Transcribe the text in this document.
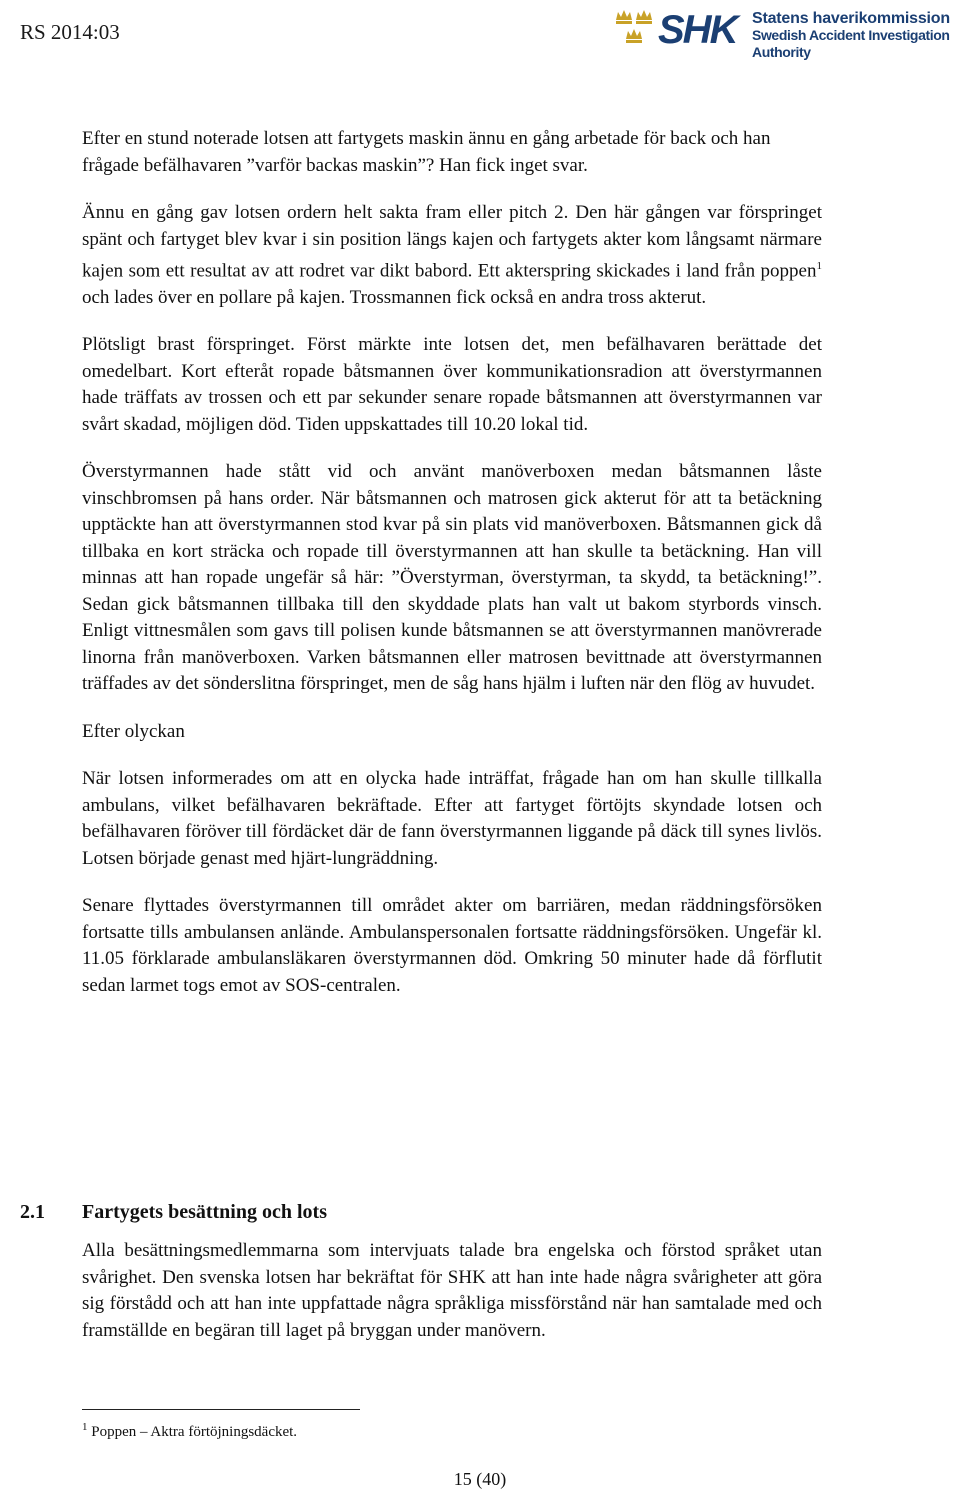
RS 2014:03	SHK Statens haverikommission
Swedish Accident Investigation Authority

Efter en stund noterade lotsen att fartygets maskin ännu en gång arbetade för back och han frågade befälhavaren ”varför backas maskin”? Han fick inget svar.

Ännu en gång gav lotsen ordern helt sakta fram eller pitch 2. Den här gången var förspringet spänt och fartyget blev kvar i sin position längs kajen och fartygets akter kom långsamt närmare kajen som ett resultat av att rodret var dikt babord. Ett akterspring skickades i land från poppen$^1$ och lades över en pollare på kajen. Trossmannen fick också en andra tross akterut.

Plötsligt brast förspringet. Först märkte inte lotsen det, men befälhavaren berättade det omedelbart. Kort efteråt ropade båtsmannen över kommunikationsradion att överstyrmannen hade träffats av trossen och ett par sekunder senare ropade båtsmannen att överstyrmannen var svårt skadad, möjligen död. Tiden uppskattades till 10.20 lokal tid.

Överstyrmannen hade stått vid och använt manöverboxen medan båtsmannen låste vinschbromsen på hans order. När båtsmannen och matrosen gick akterut för att ta betäckning upptäckte han att överstyrmannen stod kvar på sin plats vid manöverboxen. Båtsmannen gick då tillbaka en kort sträcka och ropade till överstyrmannen att han skulle ta betäckning. Han vill minnas att han ropade ungefär så här: ”Överstyrman, överstyrman, ta skydd, ta betäckning!”. Sedan gick båtsmannen tillbaka till den skyddade plats han valt ut bakom styrbords vinsch. Enligt vittnesmålen som gavs till polisen kunde båtsmannen se att överstyrmannen manövrerade linorna från manöverboxen. Varken båtsmannen eller matrosen bevittnade att överstyrmannen träffades av det sönderslitna förspringet, men de såg hans hjälm i luften när den flög av huvudet.

Efter olyckan

När lotsen informerades om att en olycka hade inträffat, frågade han om han skulle tillkalla ambulans, vilket befälhavaren bekräftade. Efter att fartyget förtöjts skyndade lotsen och befälhavaren föröver till fördäcket där de fann överstyrmannen liggande på däck till synes livlös. Lotsen började genast med hjärt-lungräddning.

Senare flyttades överstyrmannen till området akter om barriären, medan räddningsförsöken fortsatte tills ambulansen anlände. Ambulanspersonalen fortsatte räddningsförsöken. Ungefär kl. 11.05 förklarade ambulansläkaren överstyrmannen död. Omkring 50 minuter hade då förflutit sedan larmet togs emot av SOS-centralen.

2.1 Fartygets besättning och lots

Alla besättningsmedlemmarna som intervjuats talade bra engelska och förstod språket utan svårighet. Den svenska lotsen har bekräftat för SHK att han inte hade några svårigheter att göra sig förstådd och att han inte uppfattade några språkliga missförstånd när han samtalade med och framställde en begäran till laget på bryggan under manövern.

$^1$ Poppen – Aktra förtöjningsdäcket.
15 (40)
